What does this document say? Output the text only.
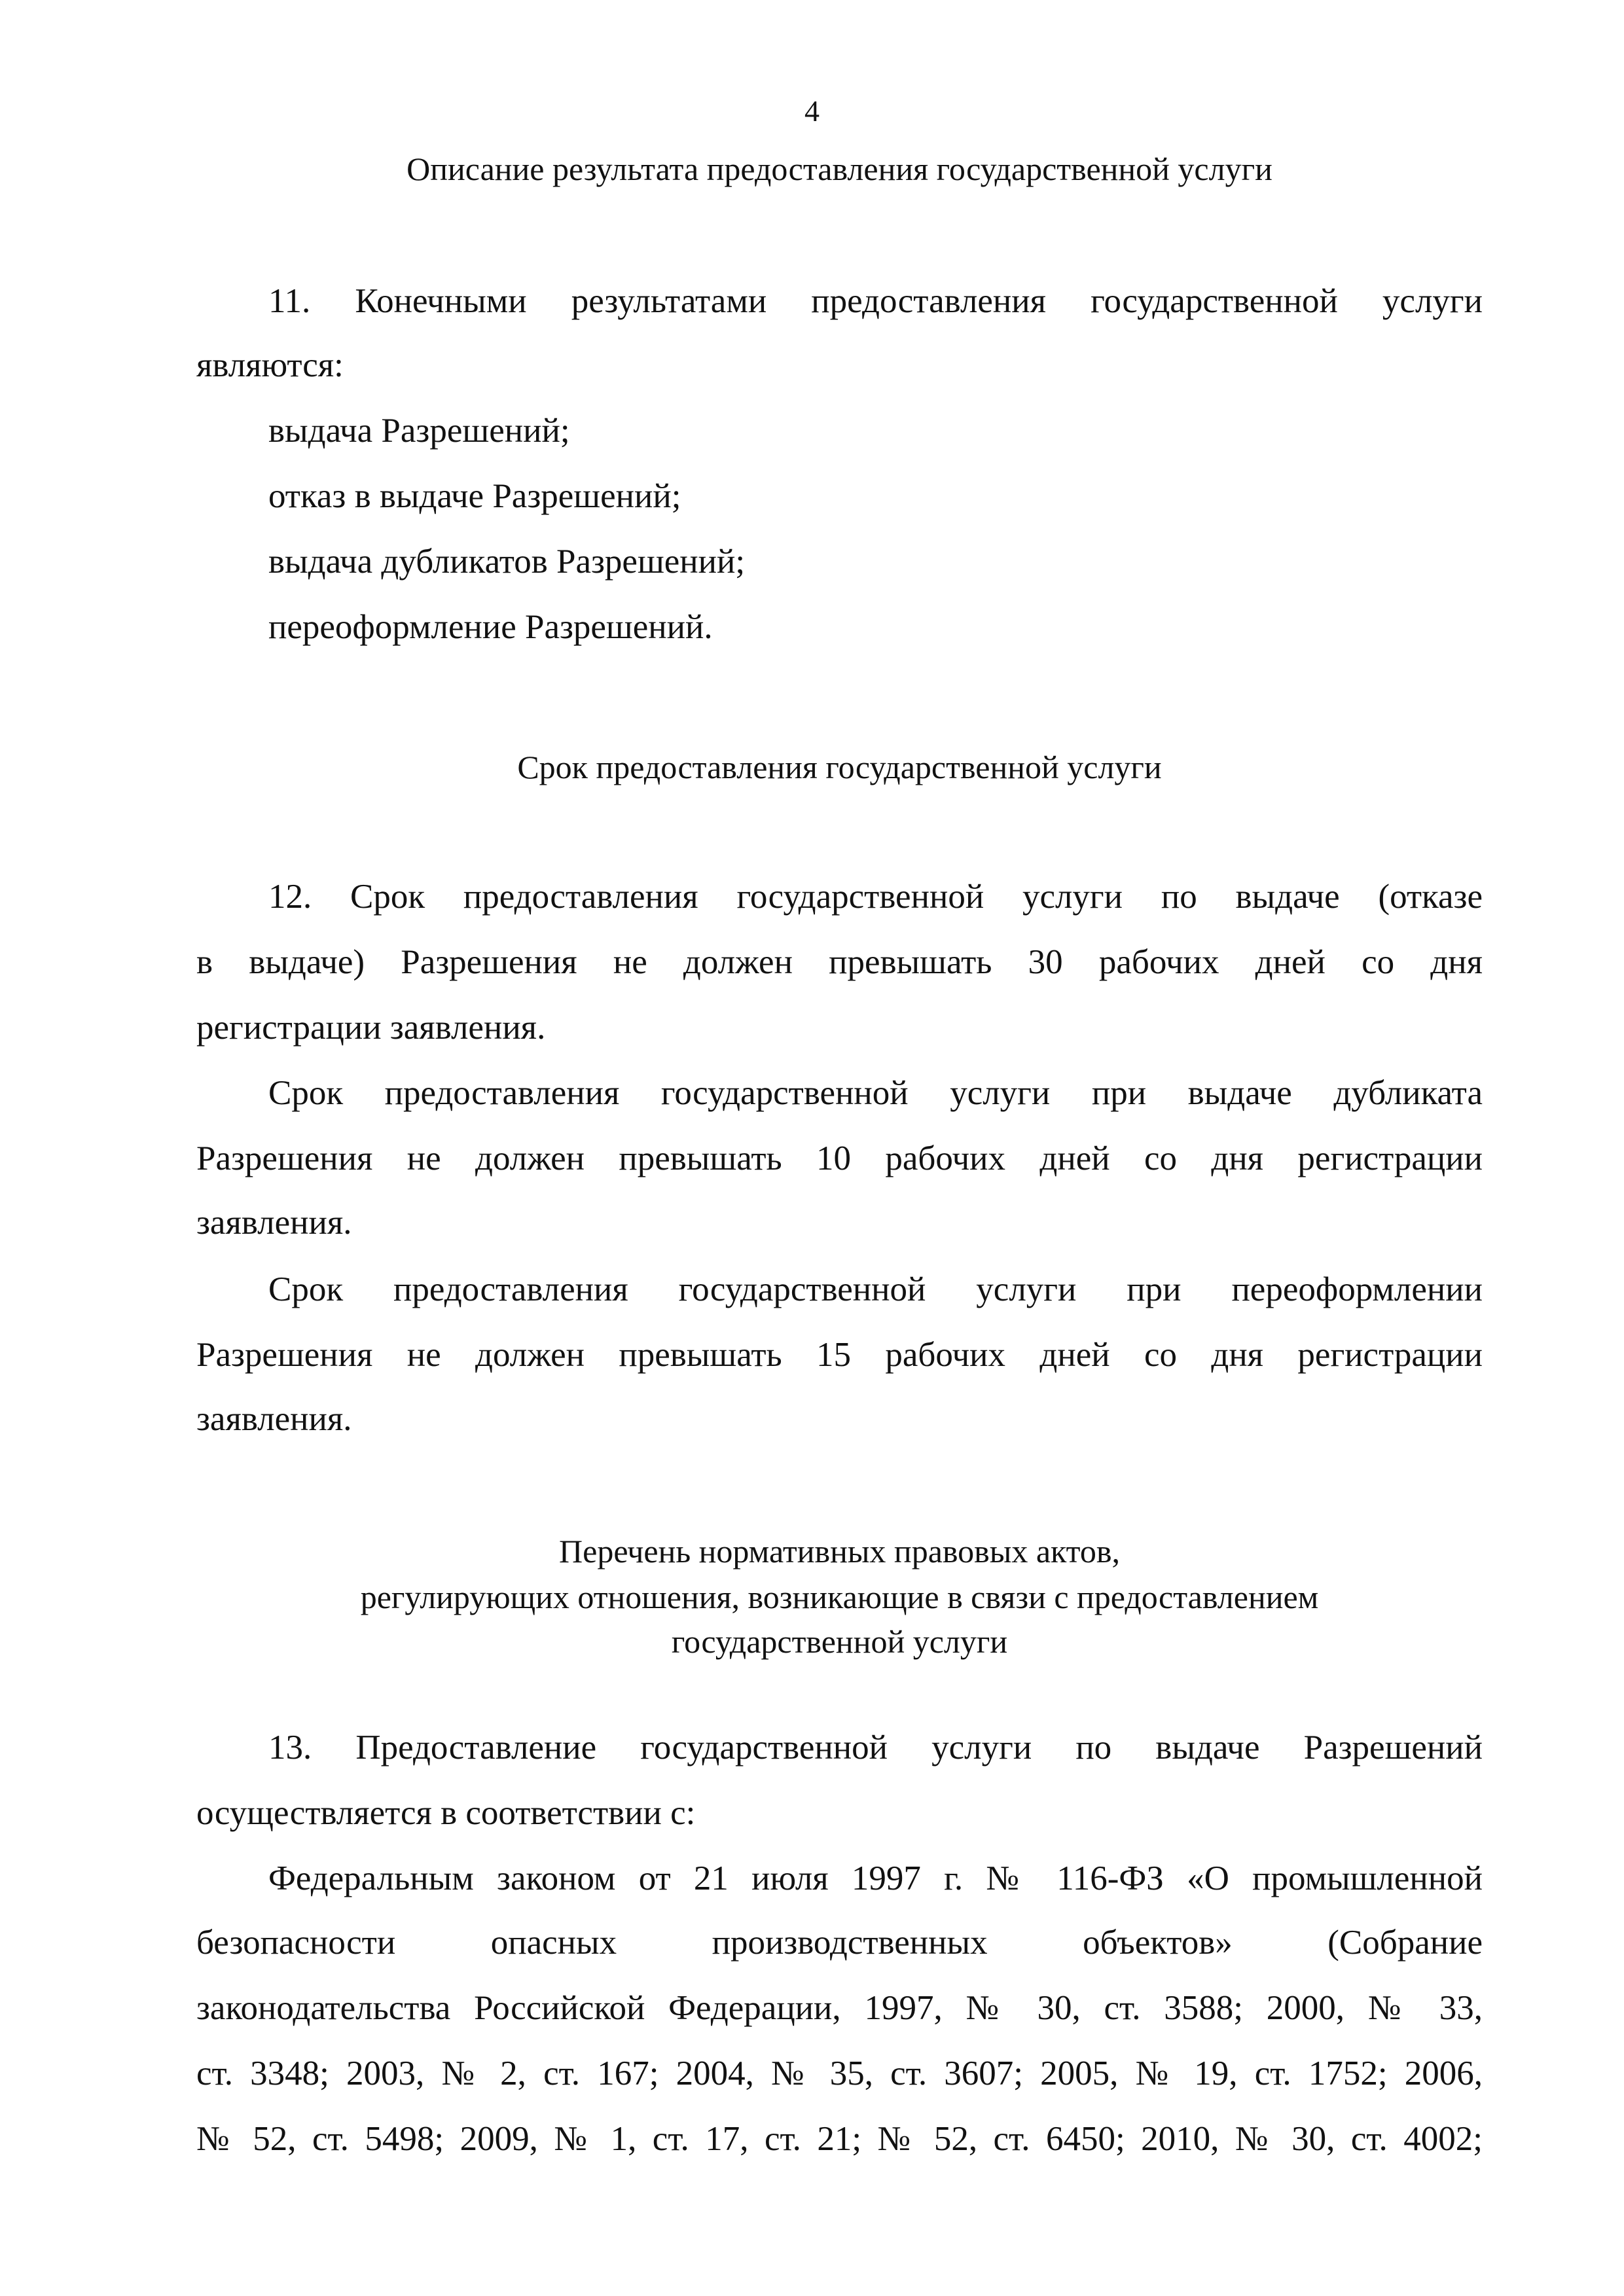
4
Описание результата предоставления государственной услуги
11. Конечными результатами предоставления государственной услуги
являются:
выдача Разрешений;
отказ в выдаче Разрешений;
выдача дубликатов Разрешений;
переоформление Разрешений.
Срок предоставления государственной услуги
12. Срок предоставления государственной услуги по выдаче (отказе
в выдаче) Разрешения не должен превышать 30 рабочих дней со дня
регистрации заявления.
Срок предоставления государственной услуги при выдаче дубликата
Разрешения не должен превышать 10 рабочих дней со дня регистрации
заявления.
Срок предоставления государственной услуги при переоформлении
Разрешения не должен превышать 15 рабочих дней со дня регистрации
заявления.
Перечень нормативных правовых актов,
регулирующих отношения, возникающие в связи с предоставлением
государственной услуги
13. Предоставление государственной услуги по выдаче Разрешений
осуществляется в соответствии с:
Федеральным законом от 21 июля 1997 г. № 116-ФЗ «О промышленной
безопасности опасных производственных объектов» (Собрание
законодательства Российской Федерации, 1997, № 30, ст. 3588; 2000, № 33,
ст. 3348; 2003, № 2, ст. 167; 2004, № 35, ст. 3607; 2005, № 19, ст. 1752; 2006,
№ 52, ст. 5498; 2009, № 1, ст. 17, ст. 21; № 52, ст. 6450; 2010, № 30, ст. 4002;
